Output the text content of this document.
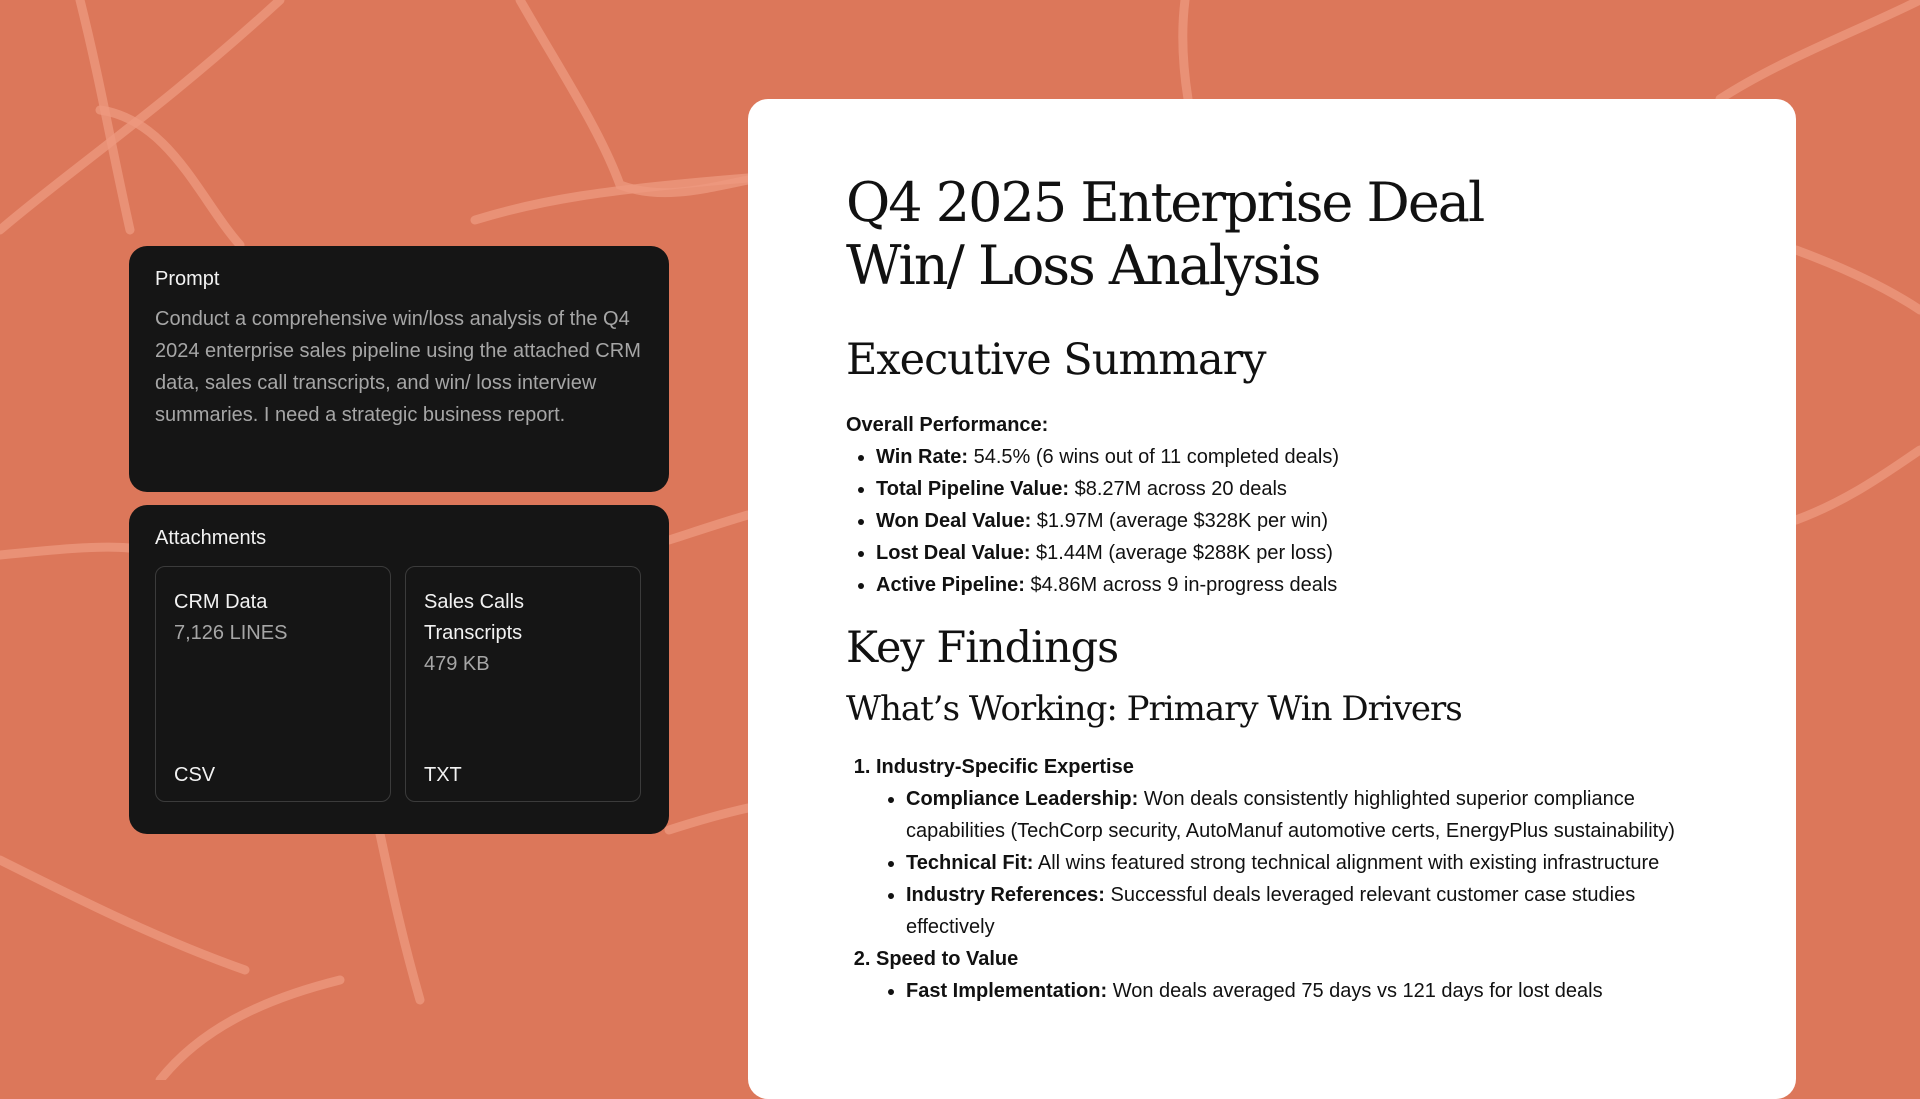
Prompt
Conduct a comprehensive win/loss analysis of the Q4 2024 enterprise sales pipeline using the attached CRM data, sales call transcripts, and win/ loss interview summaries. I need a strategic business report.
Attachments
CRM Data
7,126 LINES
CSV
Sales Calls Transcripts
479 KB
TXT
Q4 2025 Enterprise Deal Win/ Loss Analysis
Executive Summary
Overall Performance:
• Win Rate: 54.5% (6 wins out of 11 completed deals)
• Total Pipeline Value: $8.27M across 20 deals
• Won Deal Value: $1.97M (average $328K per win)
• Lost Deal Value: $1.44M (average $288K per loss)
• Active Pipeline: $4.86M across 9 in-progress deals
Key Findings
What’s Working: Primary Win Drivers
1. Industry-Specific Expertise
• Compliance Leadership: Won deals consistently highlighted superior compliance capabilities (TechCorp security, AutoManuf automotive certs, EnergyPlus sustainability)
• Technical Fit: All wins featured strong technical alignment with existing infrastructure
• Industry References: Successful deals leveraged relevant customer case studies effectively
2. Speed to Value
• Fast Implementation: Won deals averaged 75 days vs 121 days for lost deals
